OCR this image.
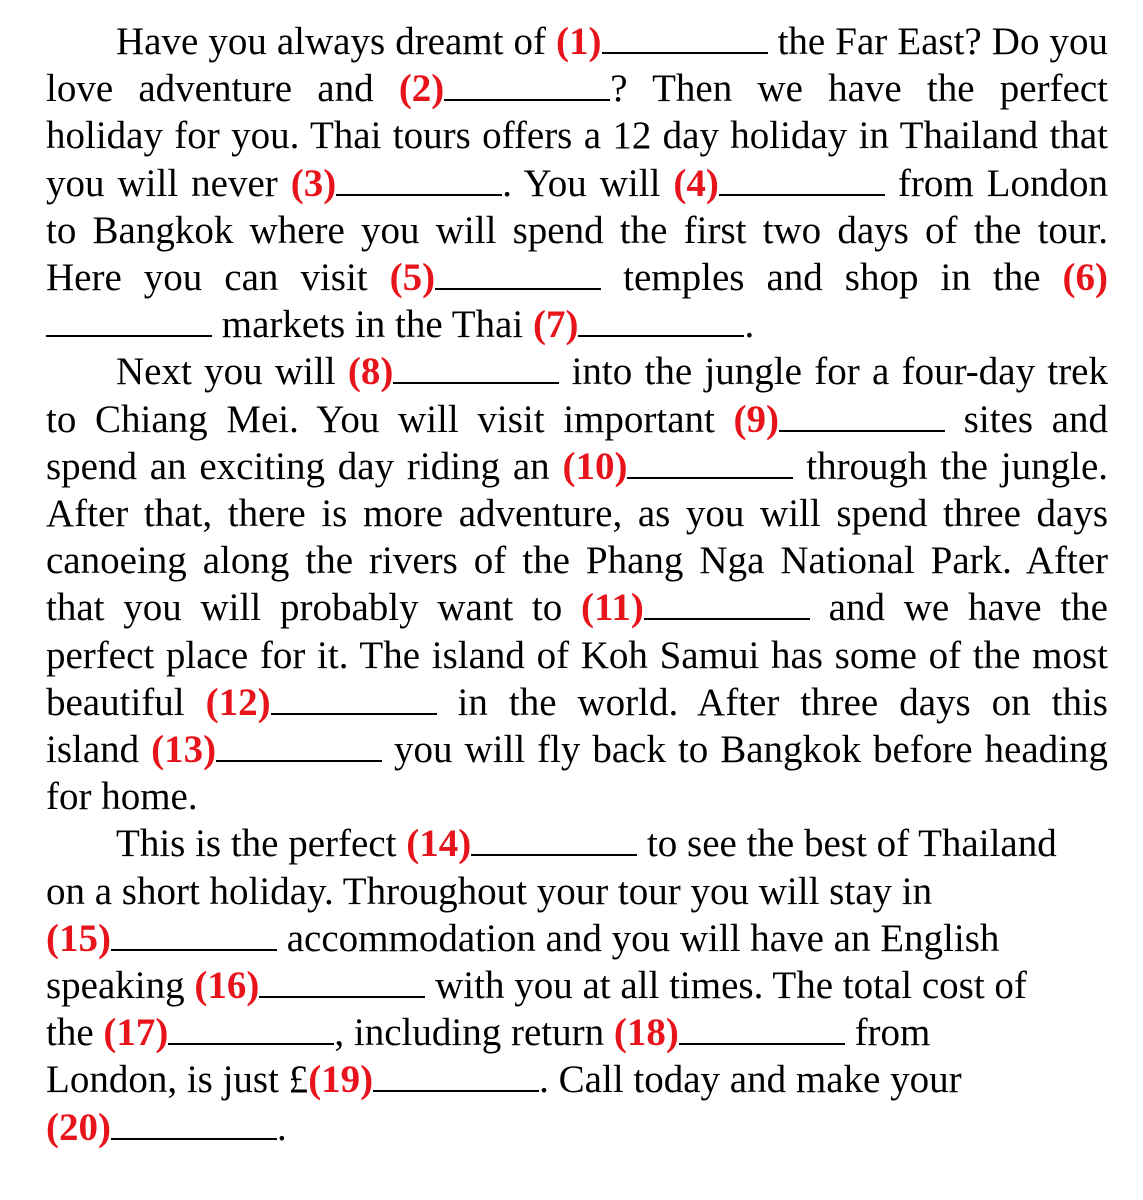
Have you always dreamt of (1)	the Far East? Do you love adventure and (2)	? Then we have the perfect holiday for you. Thai tours offers a 12 day holiday in Thailand that you will never (3)	. You will (4)	from London to Bangkok where you will spend the first two days of the tour. Here you can visit (5)	temples and shop in the (6) markets in the Thai (7)	.

Next you will (8)	into the jungle for a four-day trek to Chiang Mei. You will visit important (9)	sites and spend an exciting day riding an (10)	through the jungle. After that, there is more adventure, as you will spend three days canoeing along the rivers of the Phang Nga National Park. After that you will probably want to (11)	and we have the perfect place for it. The island of Koh Samui has some of the most beautiful (12)	in the world. After three days on this island (13)	you will fly back to Bangkok before heading for home.

This is the perfect (14)	to see the best of Thailand
on a short holiday. Throughout your tour you will stay in
(15)	accommodation and you will have an English
speaking (16)	with you at all times. The total cost of
the (17)	, including return (18)	from
London, is just £(19)	. Call today and make your
(20)	.
